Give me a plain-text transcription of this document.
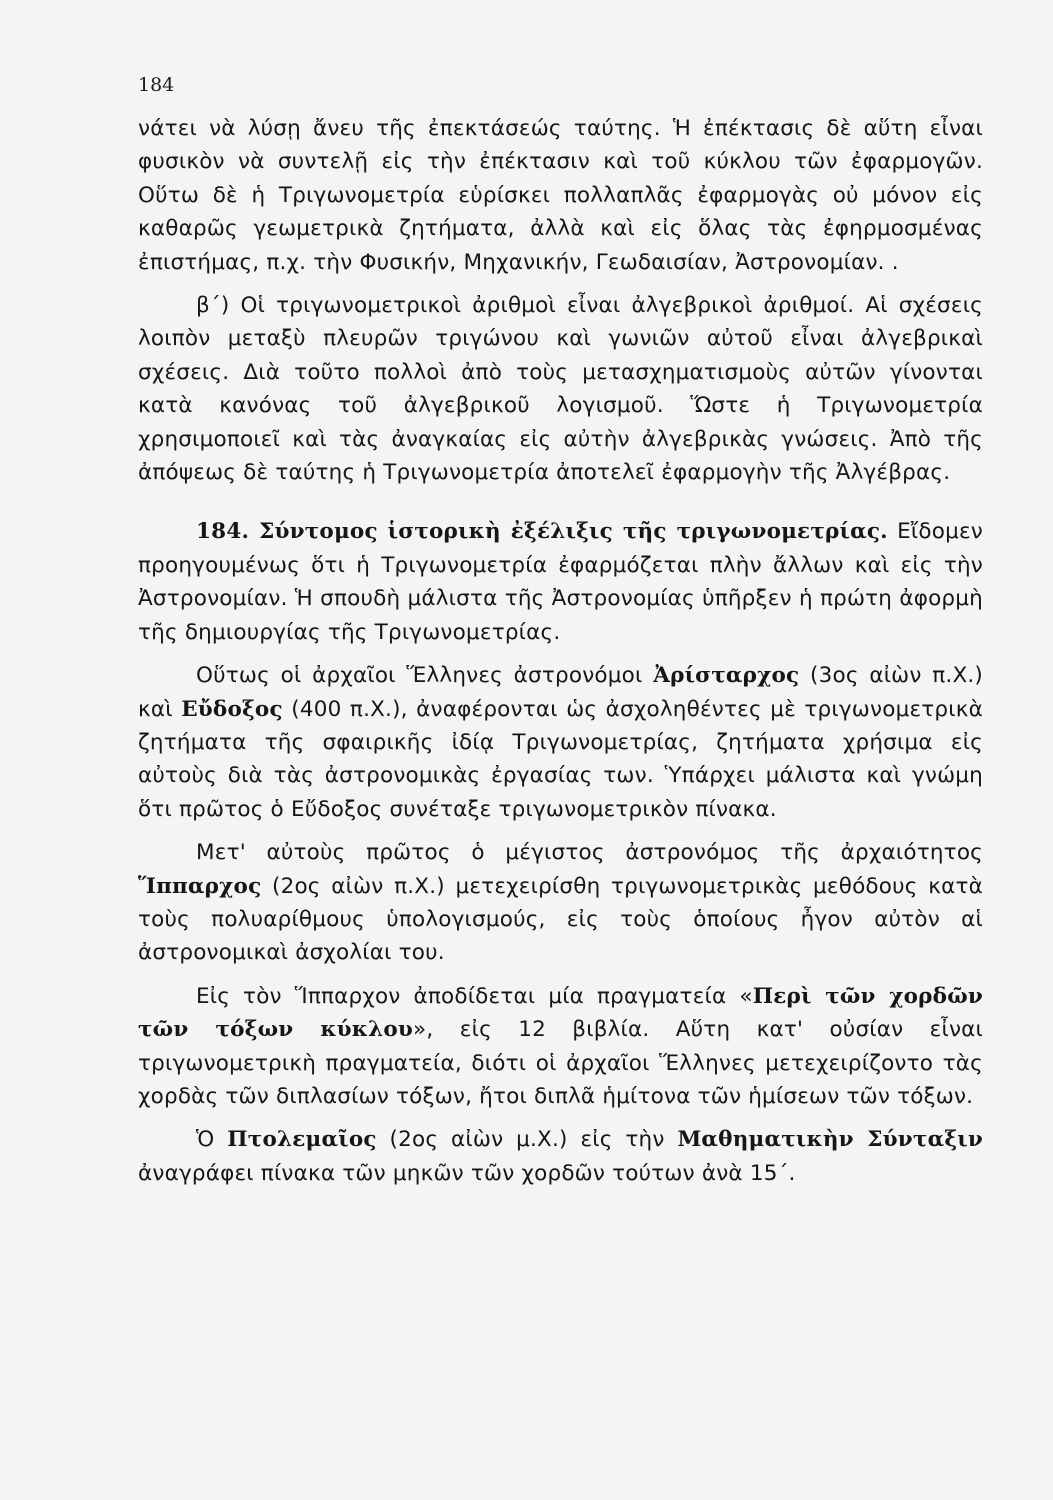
184

νάτει νὰ λύσῃ ἄνευ τῆς ἐπεκτάσεώς ταύτης. Ἡ ἐπέκτασις δὲ αὕτη εἶναι φυσικὸν νὰ συντελῇ εἰς τὴν ἐπέκτασιν καὶ τοῦ κύκλου τῶν ἐφαρμογῶν. Οὕτω δὲ ἡ Τριγωνομετρία εὑρίσκει πολλαπλᾶς ἐφαρμογὰς οὐ μόνον εἰς καθαρῶς γεωμετρικὰ ζητήματα, ἀλλὰ καὶ εἰς ὅλας τὰς ἐφηρμοσμένας ἐπιστήμας, π.χ. τὴν Φυσικήν, Μηχανικήν, Γεωδαισίαν, Ἀστρονομίαν. .

β΄) Οἱ τριγωνομετρικοὶ ἀριθμοὶ εἶναι ἀλγεβρικοὶ ἀριθμοί. Αἱ σχέσεις λοιπὸν μεταξὺ πλευρῶν τριγώνου καὶ γωνιῶν αὐτοῦ εἶναι ἀλγεβρικαὶ σχέσεις. Διὰ τοῦτο πολλοὶ ἀπὸ τοὺς μετασχηματισμοὺς αὐτῶν γίνονται κατὰ κανόνας τοῦ ἀλγεβρικοῦ λογισμοῦ. Ὥστε ἡ Τριγωνομετρία χρησιμοποιεῖ καὶ τὰς ἀναγκαίας εἰς αὐτὴν ἀλγεβρικὰς γνώσεις. Ἀπὸ τῆς ἀπόψεως δὲ ταύτης ἡ Τριγωνομετρία ἀποτελεῖ ἐφαρμογὴν τῆς Ἀλγέβρας.

184. Σύντομος ἱστορικὴ ἐξέλιξις τῆς τριγωνομετρίας. Εἴδομεν προηγουμένως ὅτι ἡ Τριγωνομετρία ἐφαρμόζεται πλὴν ἄλλων καὶ εἰς τὴν Ἀστρονομίαν. Ἡ σπουδὴ μάλιστα τῆς Ἀστρονομίας ὑπῆρξεν ἡ πρώτη ἀφορμὴ τῆς δημιουργίας τῆς Τριγωνομετρίας.

Οὕτως οἱ ἀρχαῖοι Ἕλληνες ἀστρονόμοι Ἀρίσταρχος (3ος αἰὼν π.Χ.) καὶ Εὔδοξος (400 π.Χ.), ἀναφέρονται ὡς ἀσχοληθέντες μὲ τριγωνομετρικὰ ζητήματα τῆς σφαιρικῆς ἰδίᾳ Τριγωνομετρίας, ζητήματα χρήσιμα εἰς αὐτοὺς διὰ τὰς ἀστρονομικὰς ἐργασίας των. Ὑπάρχει μάλιστα καὶ γνώμη ὅτι πρῶτος ὁ Εὔδοξος συνέταξε τριγωνομετρικὸν πίνακα.

Μετ' αὐτοὺς πρῶτος ὁ μέγιστος ἀστρονόμος τῆς ἀρχαιότητος Ἵππαρχος (2ος αἰὼν π.Χ.) μετεχειρίσθη τριγωνομετρικὰς μεθόδους κατὰ τοὺς πολυαρίθμους ὑπολογισμούς, εἰς τοὺς ὁποίους ἦγον αὐτὸν αἱ ἀστρονομικαὶ ἀσχολίαι του.

Εἰς τὸν Ἵππαρχον ἀποδίδεται μία πραγματεία «Περὶ τῶν χορδῶν τῶν τόξων κύκλου», εἰς 12 βιβλία. Αὕτη κατ' οὐσίαν εἶναι τριγωνομετρικὴ πραγματεία, διότι οἱ ἀρχαῖοι Ἕλληνες μετεχειρίζοντο τὰς χορδὰς τῶν διπλασίων τόξων, ἤτοι διπλᾶ ἡμίτονα τῶν ἡμίσεων τῶν τόξων.

Ὁ Πτολεμαῖος (2ος αἰὼν μ.Χ.) εἰς τὴν Μαθηματικὴν Σύνταξιν ἀναγράφει πίνακα τῶν μηκῶν τῶν χορδῶν τούτων ἀνὰ 15΄.
